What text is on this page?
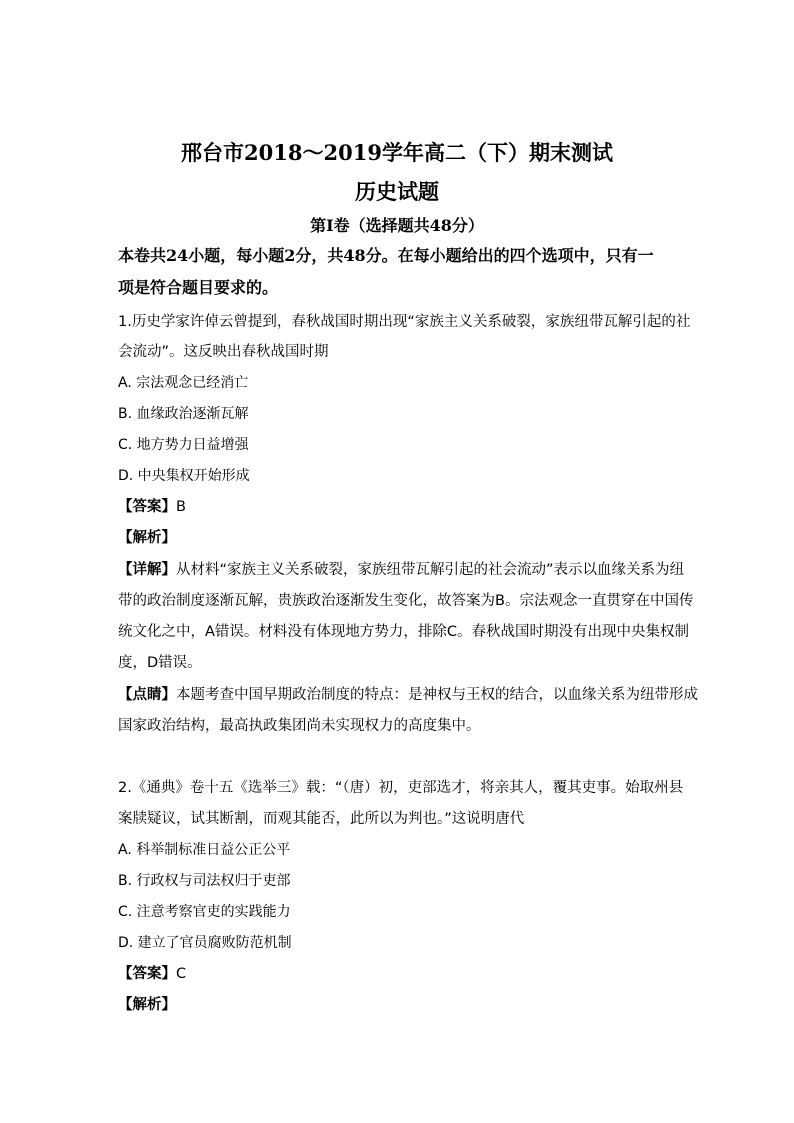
邢台市2018～2019学年高二（下）期末测试
历史试题
第Ⅰ卷（选择题共48分）
本卷共24小题，每小题2分，共48分。在每小题给出的四个选项中，只有一
项是符合题目要求的。
1.历史学家许倬云曾提到，春秋战国时期出现“家族主义关系破裂，家族纽带瓦解引起的社
会流动”。这反映出春秋战国时期
A. 宗法观念已经消亡
B. 血缘政治逐渐瓦解
C. 地方势力日益增强
D. 中央集权开始形成
【答案】B
【解析】
【详解】从材料“家族主义关系破裂，家族纽带瓦解引起的社会流动”表示以血缘关系为纽
带的政治制度逐渐瓦解，贵族政治逐渐发生变化，故答案为B。宗法观念一直贯穿在中国传
统文化之中，A错误。材料没有体现地方势力，排除C。春秋战国时期没有出现中央集权制
度，D错误。
【点睛】本题考查中国早期政治制度的特点：是神权与王权的结合，以血缘关系为纽带形成
国家政治结构，最高执政集团尚未实现权力的高度集中。
2.《通典》卷十五《选举三》载：“（唐）初，吏部选才，将亲其人，覆其吏事。始取州县
案牍疑议，试其断割，而观其能否，此所以为判也。”这说明唐代
A. 科举制标准日益公正公平
B. 行政权与司法权归于吏部
C. 注意考察官吏的实践能力
D. 建立了官员腐败防范机制
【答案】C
【解析】
